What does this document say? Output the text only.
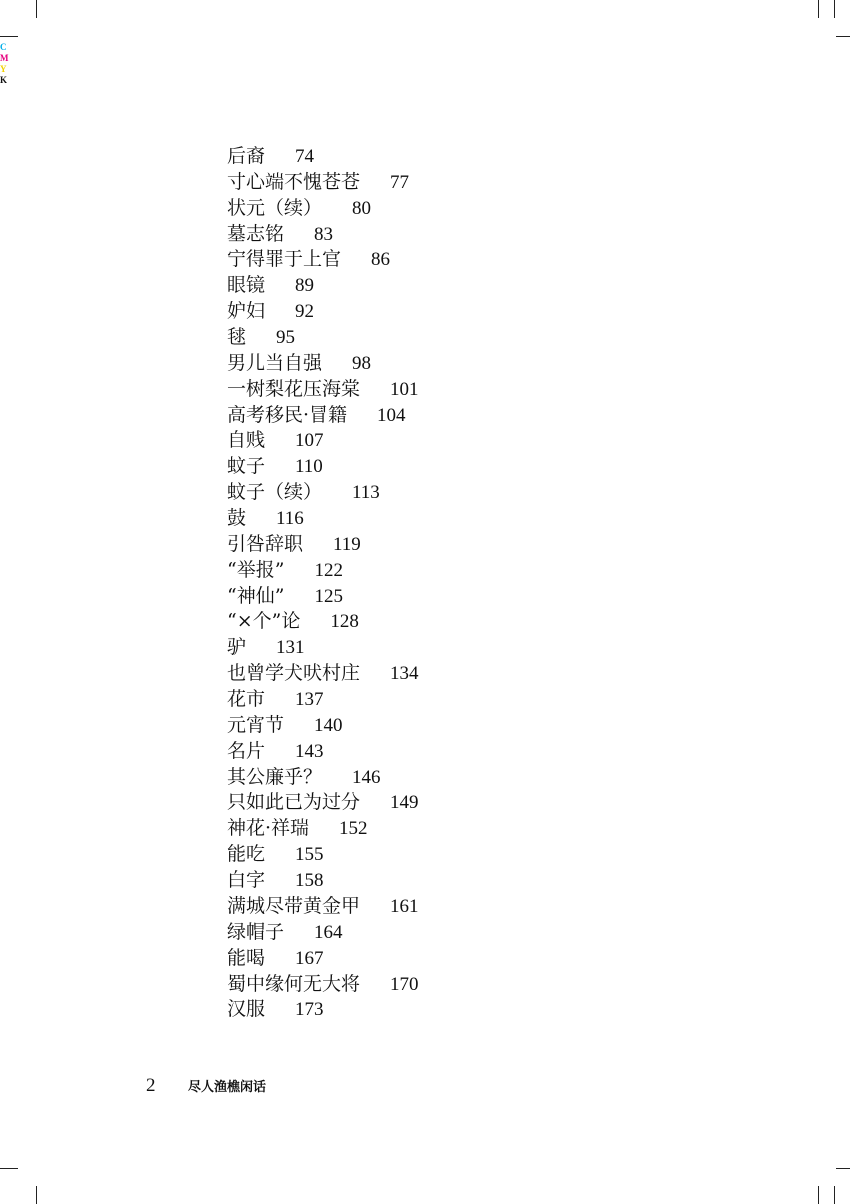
C
M
Y
K
后裔 74
寸心端不愧苍苍 77
状元（续） 80
墓志铭 83
宁得罪于上官 86
眼镜 89
妒妇 92
毬 95
男儿当自强 98
一树梨花压海棠 101
高考移民·冒籍 104
自贱 107
蚊子 110
蚊子（续） 113
鼓 116
引咎辞职 119
“举报” 122
“神仙” 125
“×个”论 128
驴 131
也曾学犬吠村庄 134
花市 137
元宵节 140
名片 143
其公廉乎？ 146
只如此已为过分 149
神花·祥瑞 152
能吃 155
白字 158
满城尽带黄金甲 161
绿帽子 164
能喝 167
蜀中缘何无大将 170
汉服 173
2	尽人渔樵闲话
